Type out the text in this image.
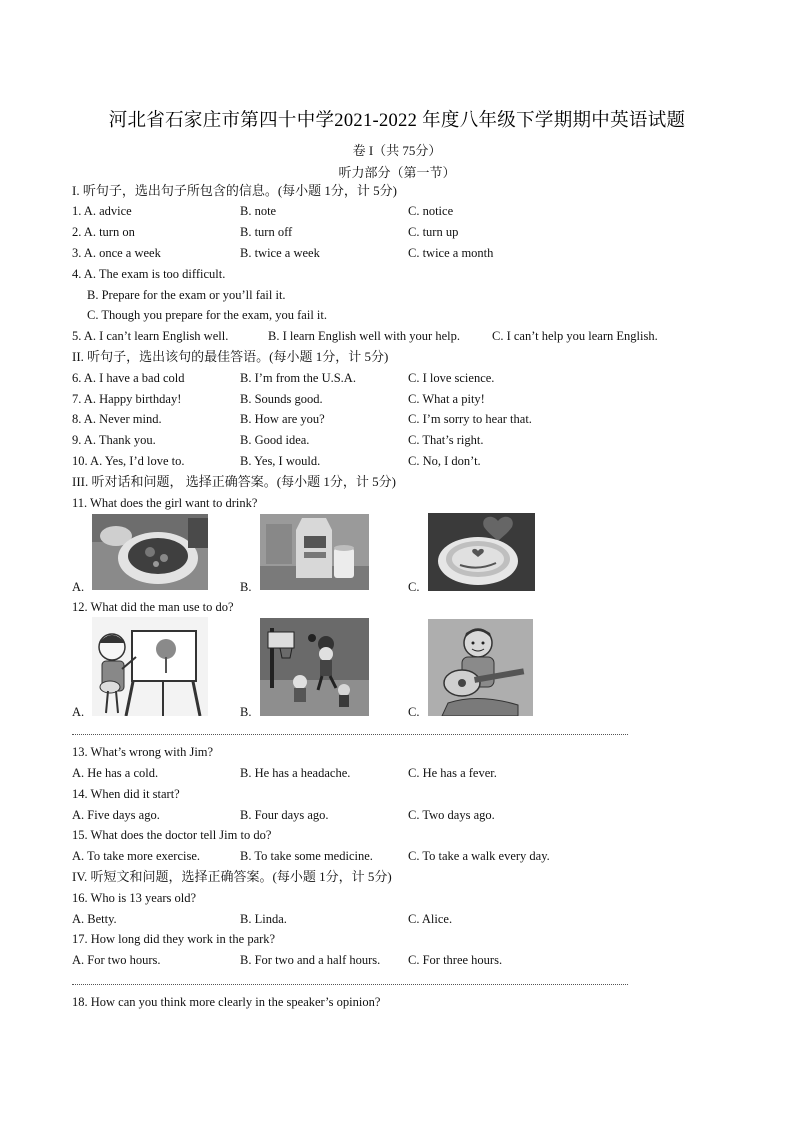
河北省石家庄市第四十中学2021-2022 年度八年级下学期期中英语试题
卷 I（共 75分）
听力部分（第一节）
I. 听句子，选出句子所包含的信息。(每小题 1分，计 5分)
1. A. advice	B. note	C. notice
2. A. turn on	B. turn off	C. turn up
3. A. once a week	B. twice a week	C. twice a month
4. A. The exam is too difficult.
B. Prepare for the exam or you’ll fail it.
C. Though you prepare for the exam, you fail it.
5. A. I can’t learn English well.	B. I learn English well with your help.	C. I can’t help you learn English.
II. 听句子，选出该句的最佳答语。(每小题 1分，计 5分)
6. A. I have a bad cold	B. I’m from the U.S.A.	C. I love science.
7. A. Happy birthday!	B. Sounds good.	C. What a pity!
8. A. Never mind.	B. How are you?	C. I’m sorry to hear that.
9. A. Thank you.	B. Good idea.	C. That’s right.
10. A. Yes, I’d love to.	B. Yes, I would.	C. No, I don’t.
III. 听对话和问题， 选择正确答案。(每小题 1分，计 5分)
11. What does the girl want to drink?
A.	B.	C.
12. What did the man use to do?
A.	B.	C.
13. What’s wrong with Jim?
A. He has a cold.	B. He has a headache.	C. He has a fever.
14. When did it start?
A. Five days ago.	B. Four days ago.	C. Two days ago.
15. What does the doctor tell Jim to do?
A. To take more exercise.	B. To take some medicine.	C. To take a walk every day.
IV. 听短文和问题，选择正确答案。(每小题 1分，计 5分)
16. Who is 13 years old?
A. Betty.	B. Linda.	C. Alice.
17. How long did they work in the park?
A. For two hours.	B. For two and a half hours. C. For three hours.
18. How can you think more clearly in the speaker’s opinion?
